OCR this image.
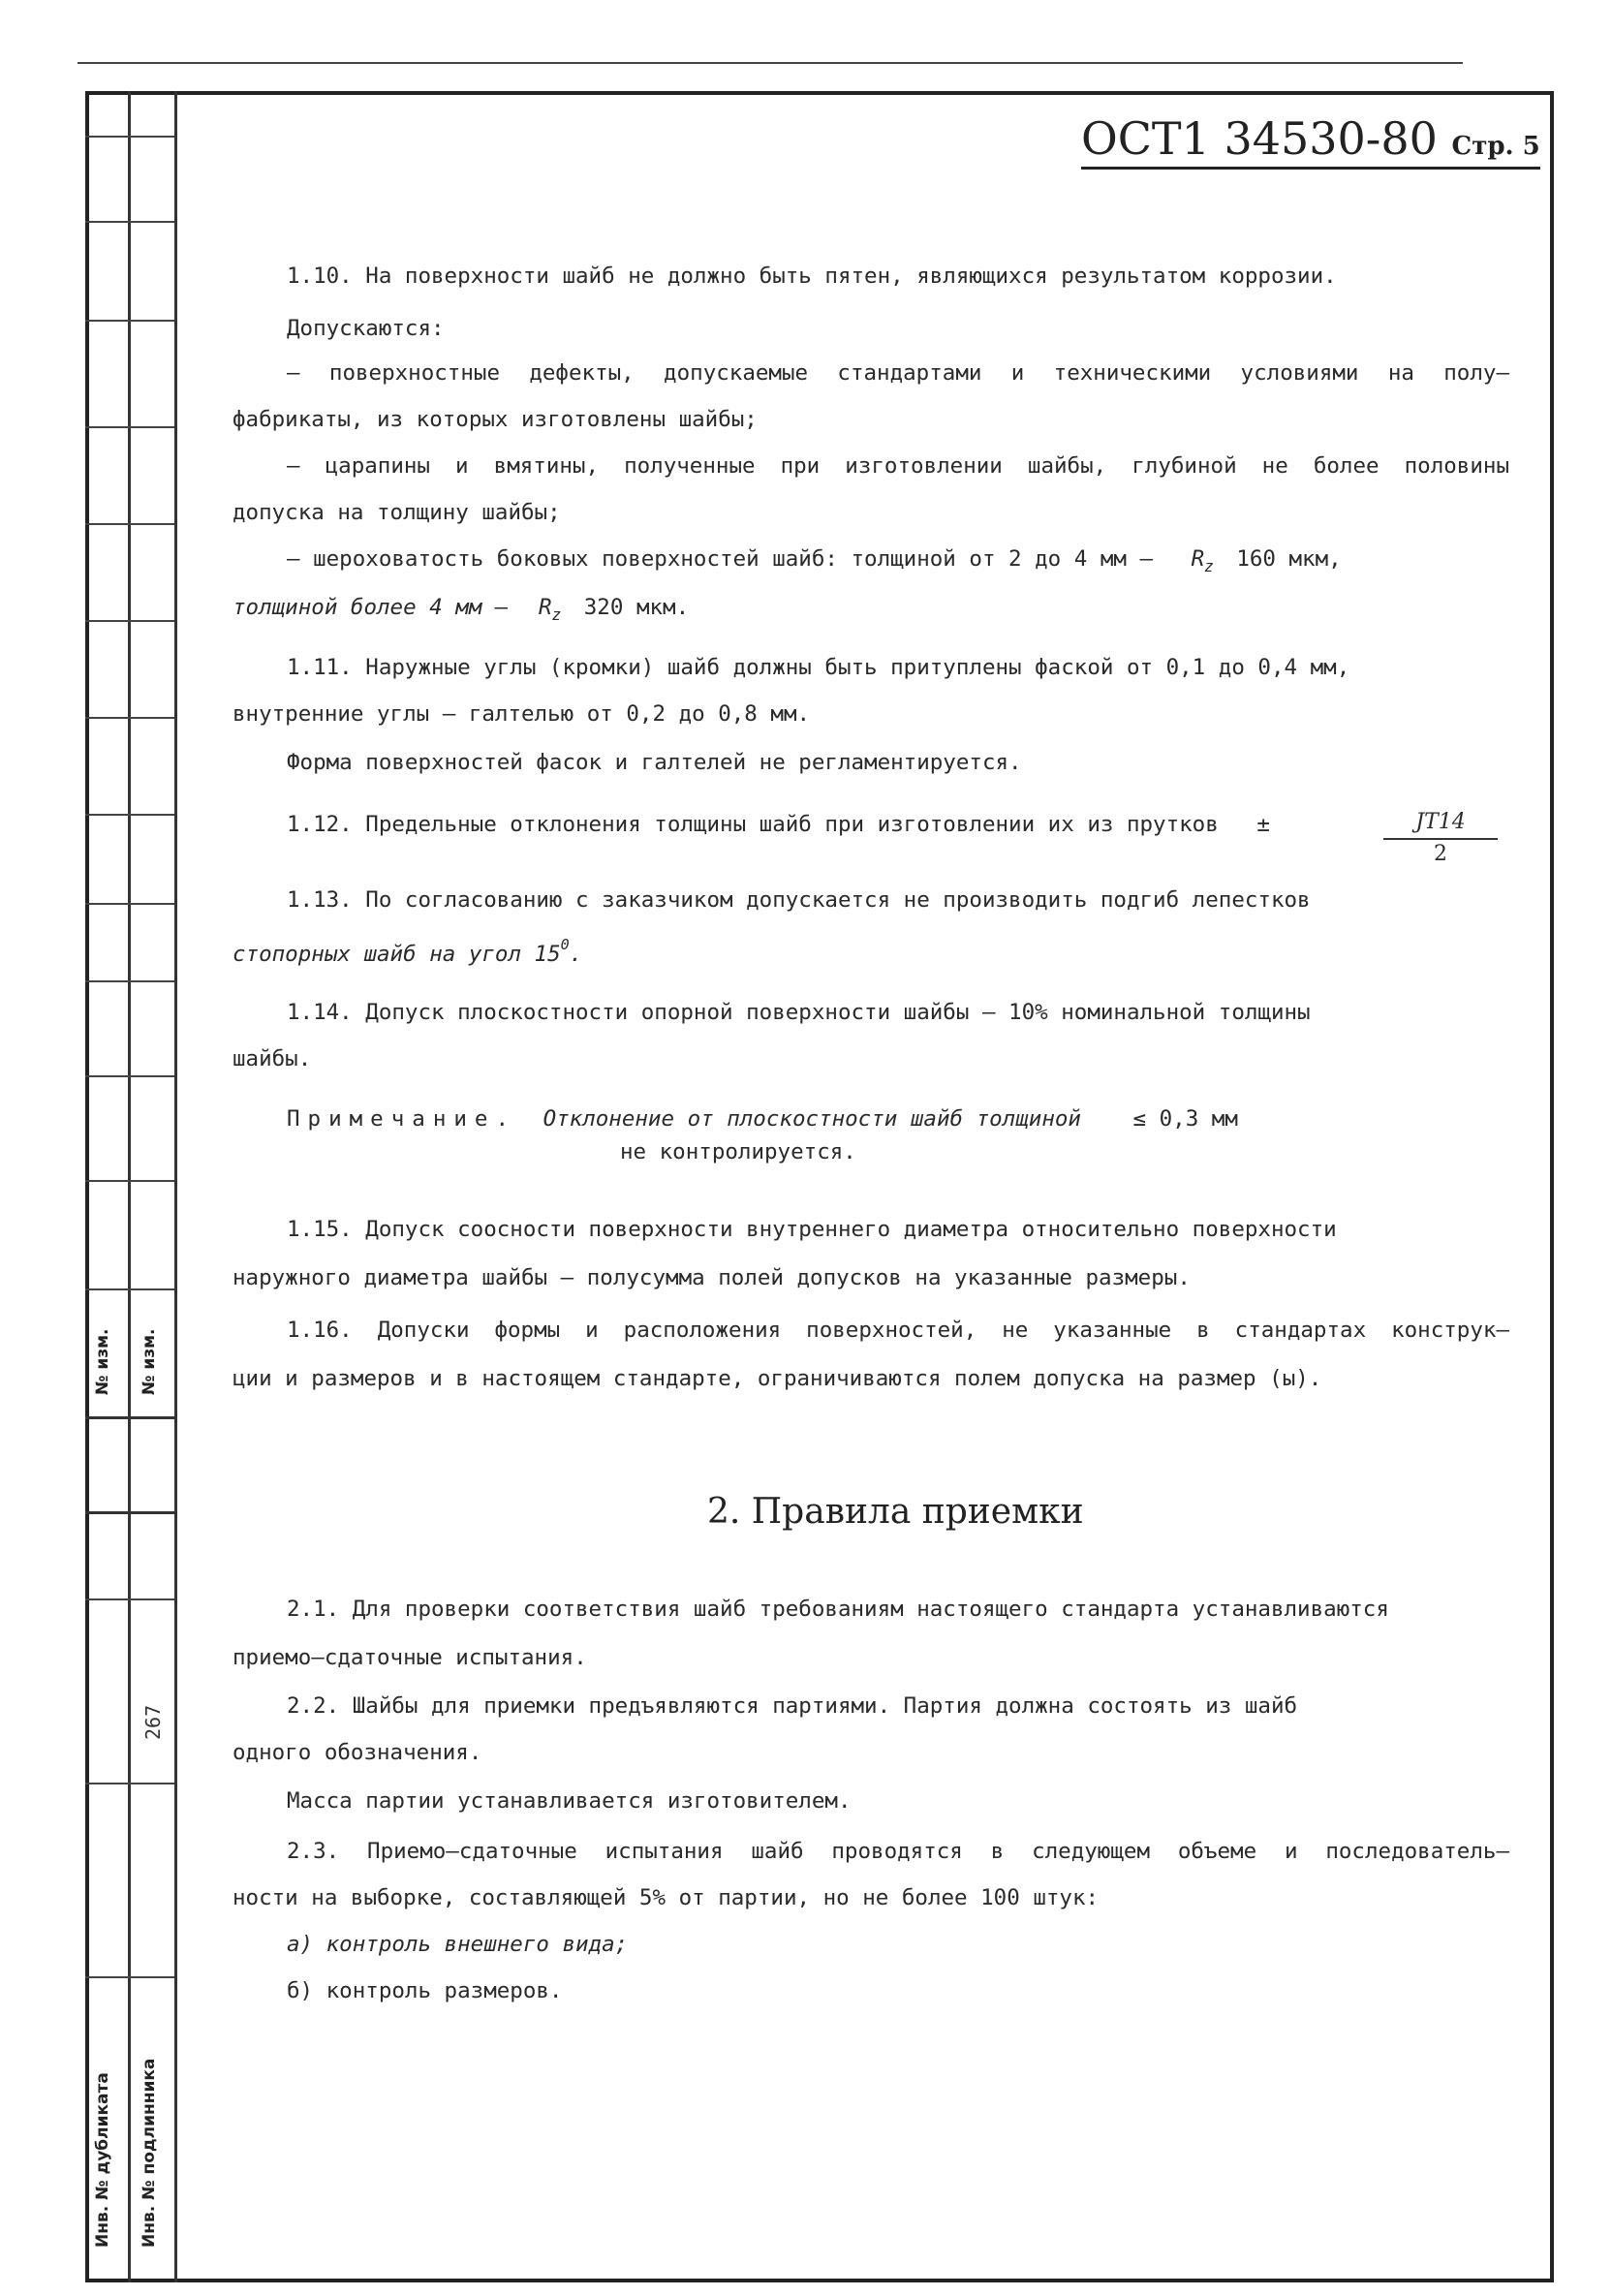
№ изм. № изм.
267
Инв. № дубликата Инв. № подлинника
ОСТ1 34530-80 Стр. 5
1.10. На поверхности шайб не должно быть пятен, являющихся результатом коррозии.
Допускаются:
– поверхностные дефекты, допускаемые стандартами и техническими условиями на полу–
фабрикаты, из которых изготовлены шайбы;
– царапины и вмятины, полученные при изготовлении шайбы, глубиной не более половины
допуска на толщину шайбы;
– шероховатость боковых поверхностей шайб: толщиной от 2 до 4 мм – $R_z$ 160 мкм,
толщиной более 4 мм – $R_z$ 320 мкм.
1.11. Наружные углы (кромки) шайб должны быть притуплены фаской от 0,1 до 0,4 мм,
внутренние углы – галтелью от 0,2 до 0,8 мм.
Форма поверхностей фасок и галтелей не регламентируется.
1.12. Предельные отклонения толщины шайб при изготовлении их из прутков ±	$\frac{JT14}{2}$
1.13. По согласованию с заказчиком допускается не производить подгиб лепестков
стопорных шайб на угол $15^0$.
1.14. Допуск плоскостности опорной поверхности шайбы – 10% номинальной толщины
шайбы.
Примечание. Отклонение от плоскостности шайб толщиной ≤ 0,3 мм
не контролируется.
1.15. Допуск соосности поверхности внутреннего диаметра относительно поверхности
наружного диаметра шайбы – полусумма полей допусков на указанные размеры.
1.16. Допуски формы и расположения поверхностей, не указанные в стандартах конструк–
ции и размеров и в настоящем стандарте, ограничиваются полем допуска на размер (ы).
2. Правила приемки
2.1. Для проверки соответствия шайб требованиям настоящего стандарта устанавливаются
приемо–сдаточные испытания.
2.2. Шайбы для приемки предъявляются партиями. Партия должна состоять из шайб
одного обозначения.
Масса партии устанавливается изготовителем.
2.3. Приемо–сдаточные испытания шайб проводятся в следующем объеме и последователь–
ности на выборке, составляющей 5% от партии, но не более 100 штук:
а) контроль внешнего вида;
б) контроль размеров.
